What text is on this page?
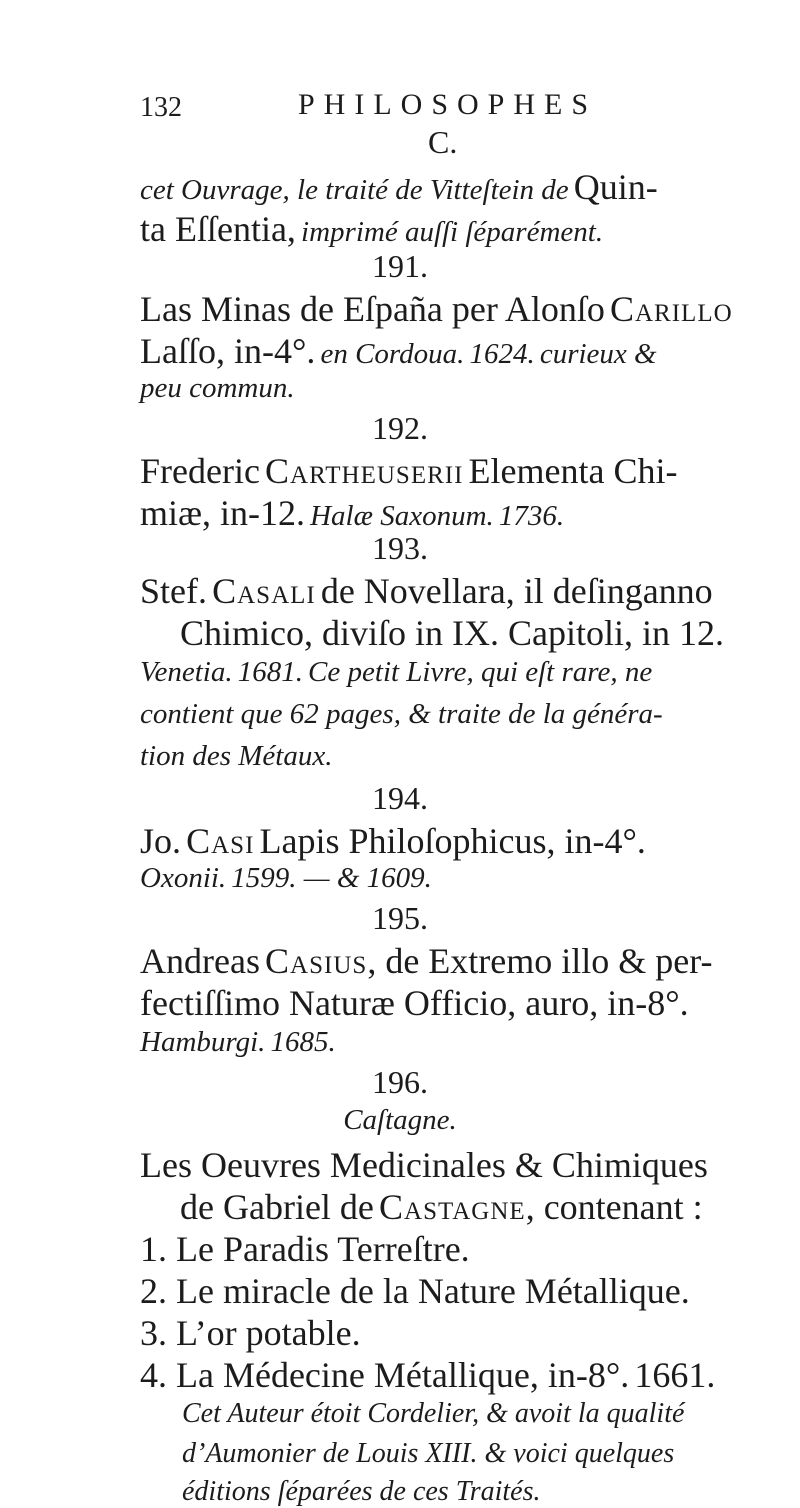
132	PHILOSOPHES
C.
cet Ouvrage, le traité de Vitteſtein de Quin-
ta Eſſentia, imprimé auſſi ſéparément.
191.
Las Minas de Eſpaña per Alonſo Carillo
Laſſo, in-4°. en Cordoua. 1624. curieux &
peu commun.
192.
Frederic Cartheuserii Elementa Chi-
miæ, in-12. Halæ Saxonum. 1736.
193.
Stef. Casali de Novellara, il deſinganno
Chimico, diviſo in IX. Capitoli, in 12.
Venetia. 1681. Ce petit Livre, qui eſt rare, ne
contient que 62 pages, & traite de la généra-
tion des Métaux.
194.
Jo. Casi Lapis Philoſophicus, in-4°.
Oxonii. 1599. — & 1609.
195.
Andreas Casius, de Extremo illo & per-
fectiſſimo Naturæ Officio, auro, in-8°.
Hamburgi. 1685.
196.
Caſtagne.
Les Oeuvres Medicinales & Chimiques
de Gabriel de Castagne, contenant :
1. Le Paradis Terreſtre.
2. Le miracle de la Nature Métallique.
3. L’or potable.
4. La Médecine Métallique, in-8°. 1661.
Cet Auteur étoit Cordelier, & avoit la qualité
d’Aumonier de Louis XIII. & voici quelques
éditions ſéparées de ces Traités.
